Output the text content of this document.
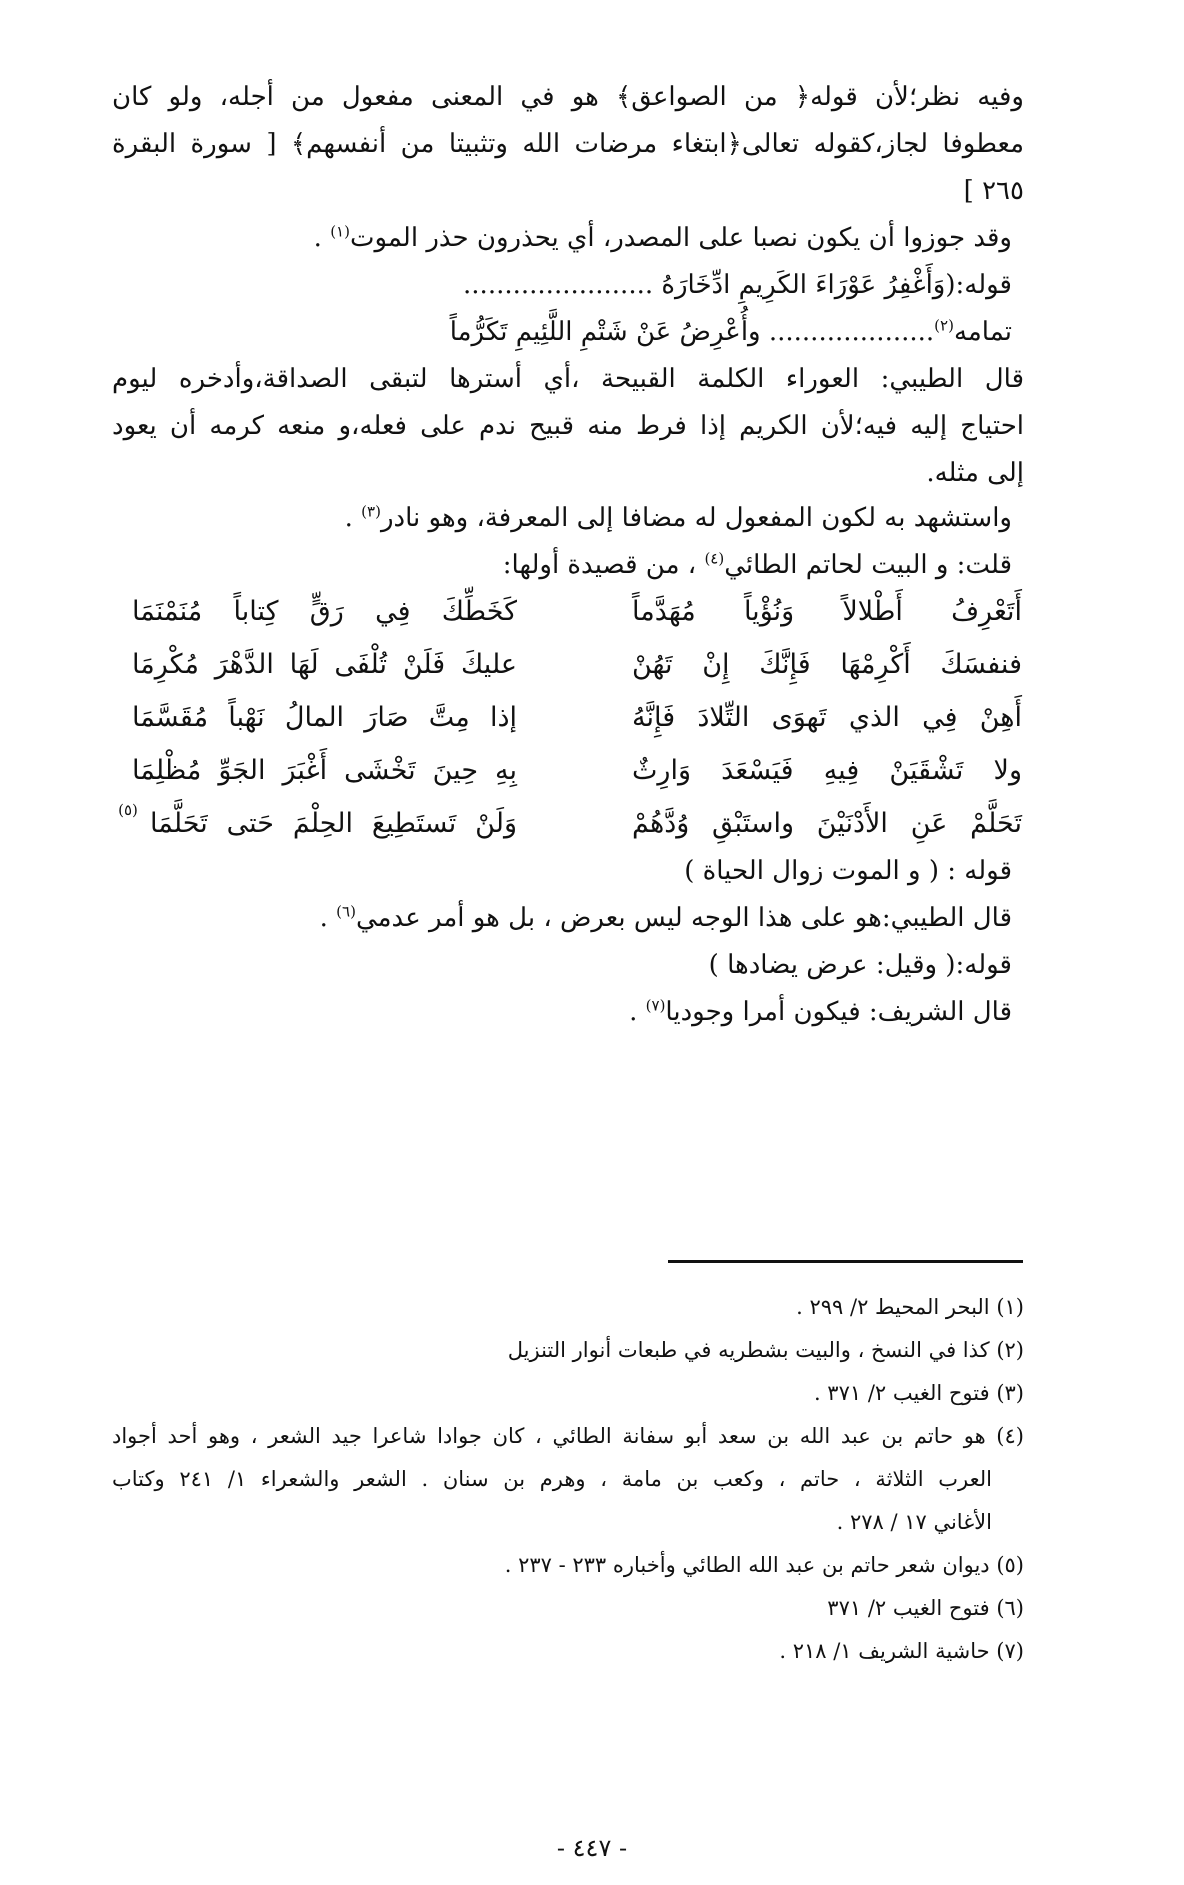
وفيه نظر؛لأن قوله﴿ من الصواعق﴾ هو في المعنى مفعول من أجله، ولو كان
معطوفا لجاز،كقوله تعالى﴿ابتغاء مرضات الله وتثبيتا من أنفسهم﴾ [ سورة البقرة
٢٦٥ ]
وقد جوزوا أن يكون نصبا على المصدر، أي يحذرون حذر الموت$^{(١)}$ .
قوله:(وَأَغْفِرُ عَوْرَاءَ الكَرِيمِ ادِّخَارَهُ .......................
تمامه$^{(٢)}$.................... وأُعْرِضُ عَنْ شَتْمِ اللَّئِيمِ تَكَرُّماً
قال الطيبي: العوراء الكلمة القبيحة ،أي أسترها لتبقى الصداقة،وأدخره ليوم
احتياج إليه فيه؛لأن الكريم إذا فرط منه قبيح ندم على فعله،و منعه كرمه أن يعود
إلى مثله.
واستشهد به لكون المفعول له مضافا إلى المعرفة، وهو نادر$^{(٣)}$ .
قلت: و البيت لحاتم الطائي$^{(٤)}$ ، من قصيدة أولها:
أَتَعْرِفُ أَطْلالاً وَنُؤْياً مُهَدَّماً
كَخَطِّكَ فِي رَقٍّ كِتاباً مُنَمْنَمَا
فنفسَكَ أَكْرِمْهَا فَإِنَّكَ إِنْ تَهُنْ
عليكَ فَلَنْ تُلْفَى لَهَا الدَّهْرَ مُكْرِمَا
أَهِنْ فِي الذي تَهوَى التِّلادَ فَإِنَّهُ
إذا مِتَّ صَارَ المالُ نَهْباً مُقَسَّمَا
ولا تَشْقَيَنْ فِيهِ فَيَسْعَدَ وَارِثٌ
بِهِ حِينَ تَخْشَى أَغْبَرَ الجَوِّ مُظْلِمَا
تَحَلَّمْ عَنِ الأَدْنَيْنَ واستَبْقِ وُدَّهُمْ
وَلَنْ تَستَطِيعَ الحِلْمَ حَتى تَحَلَّمَا
(٥)
قوله : ( و الموت زوال الحياة )
قال الطيبي:هو على هذا الوجه ليس بعرض ، بل هو أمر عدمي$^{(٦)}$ .
قوله:( وقيل: عرض يضادها )
قال الشريف: فيكون أمرا وجوديا$^{(٧)}$ .
(١) البحر المحيط ٢/ ٢٩٩ .
(٢) كذا في النسخ ، والبيت بشطريه في طبعات أنوار التنزيل
(٣) فتوح الغيب ٢/ ٣٧١ .
(٤) هو حاتم بن عبد الله بن سعد أبو سفانة الطائي ، كان جوادا شاعرا جيد الشعر ، وهو أحد أجواد
العرب الثلاثة ، حاتم ، وكعب بن مامة ، وهرم بن سنان . الشعر والشعراء ١/ ٢٤١ وكتاب
الأغاني ١٧ / ٢٧٨ .
(٥) ديوان شعر حاتم بن عبد الله الطائي وأخباره ٢٣٣ - ٢٣٧ .
(٦) فتوح الغيب ٢/ ٣٧١
(٧) حاشية الشريف ١/ ٢١٨ .
- ٤٤٧ -
